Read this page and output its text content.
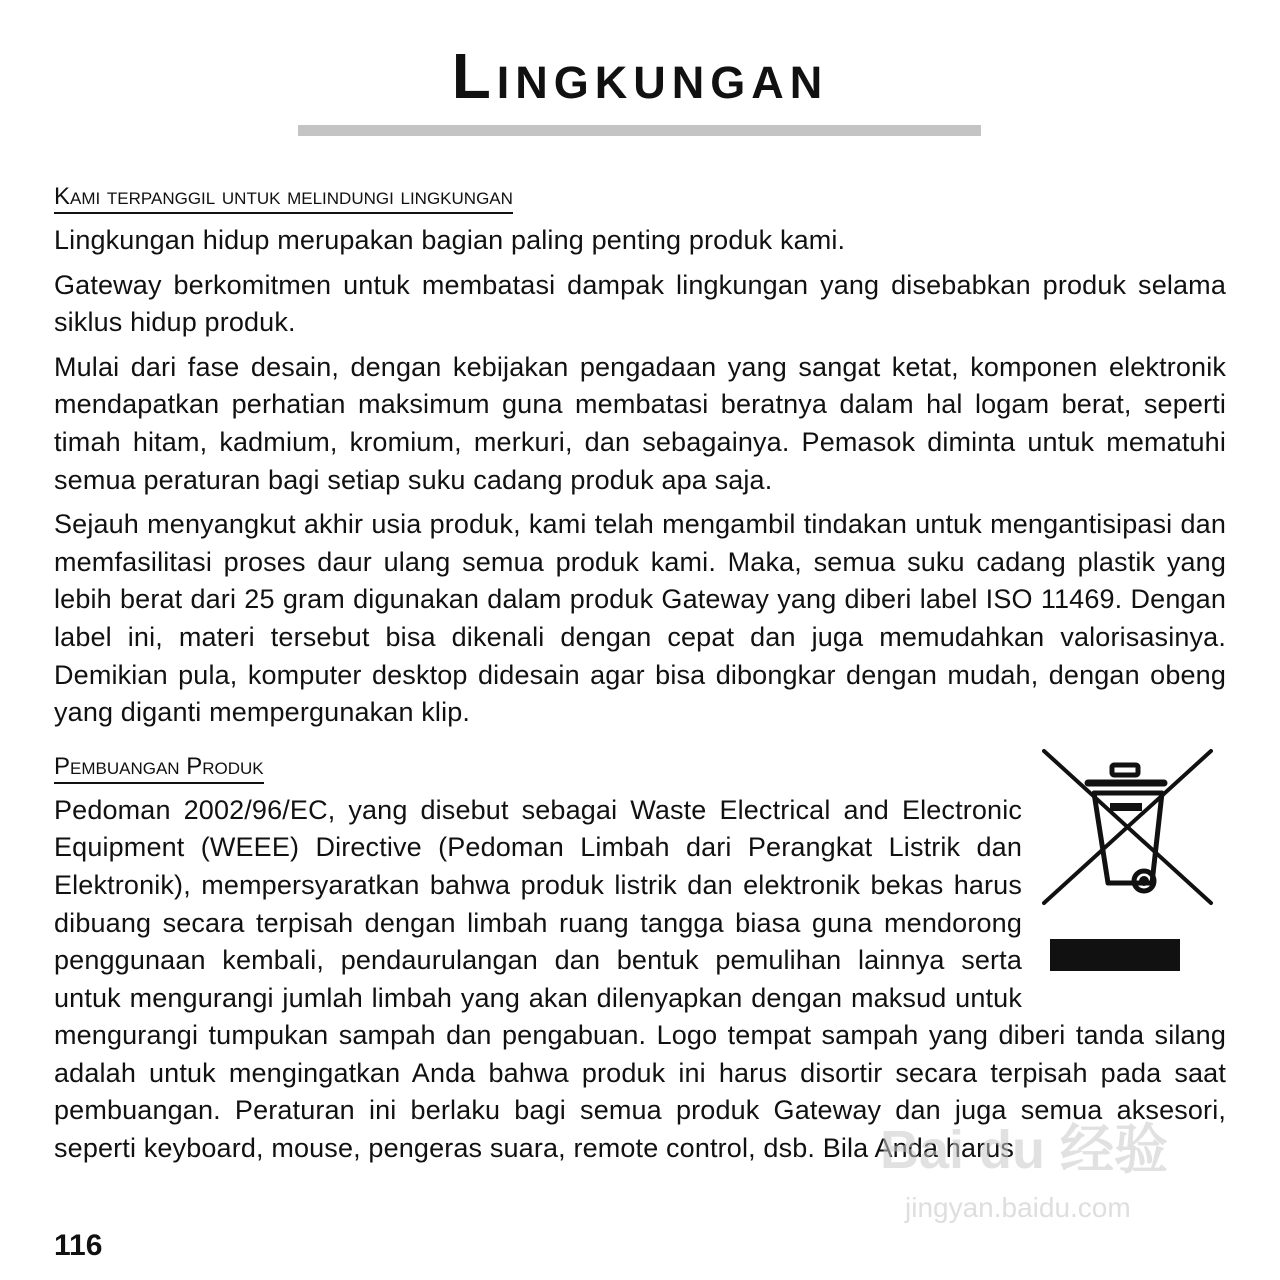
Lingkungan
Kami terpanggil untuk melindungi lingkungan

Lingkungan hidup merupakan bagian paling penting produk kami.

Gateway berkomitmen untuk membatasi dampak lingkungan yang disebabkan produk selama siklus hidup produk.

Mulai dari fase desain, dengan kebijakan pengadaan yang sangat ketat, komponen elektronik mendapatkan perhatian maksimum guna membatasi beratnya dalam hal logam berat, seperti timah hitam, kadmium, kromium, merkuri, dan sebagainya. Pemasok diminta untuk mematuhi semua peraturan bagi setiap suku cadang produk apa saja.

Sejauh menyangkut akhir usia produk, kami telah mengambil tindakan untuk mengantisipasi dan memfasilitasi proses daur ulang semua produk kami. Maka, semua suku cadang plastik yang lebih berat dari 25 gram digunakan dalam produk Gateway yang diberi label ISO 11469. Dengan label ini, materi tersebut bisa dikenali dengan cepat dan juga memudahkan valorisasinya. Demikian pula, komputer desktop didesain agar bisa dibongkar dengan mudah, dengan obeng yang diganti mempergunakan klip.

Pembuangan Produk

Pedoman 2002/96/EC, yang disebut sebagai Waste Electrical and Electronic Equipment (WEEE) Directive (Pedoman Limbah dari Perangkat Listrik dan Elektronik), mempersyaratkan bahwa produk listrik dan elektronik bekas harus dibuang secara terpisah dengan limbah ruang tangga biasa guna mendorong penggunaan kembali, pendaurulangan dan bentuk pemulihan lainnya serta untuk mengurangi jumlah limbah yang akan dilenyapkan dengan maksud untuk mengurangi tumpukan sampah dan pengabuan. Logo tempat sampah yang diberi tanda silang adalah untuk mengingatkan Anda bahwa produk ini harus disortir secara terpisah pada saat pembuangan. Peraturan ini berlaku bagi semua produk Gateway dan juga semua aksesori, seperti keyboard, mouse, pengeras suara, remote control, dsb. Bila Anda harus

116
Bai du 经验
jingyan.baidu.com
